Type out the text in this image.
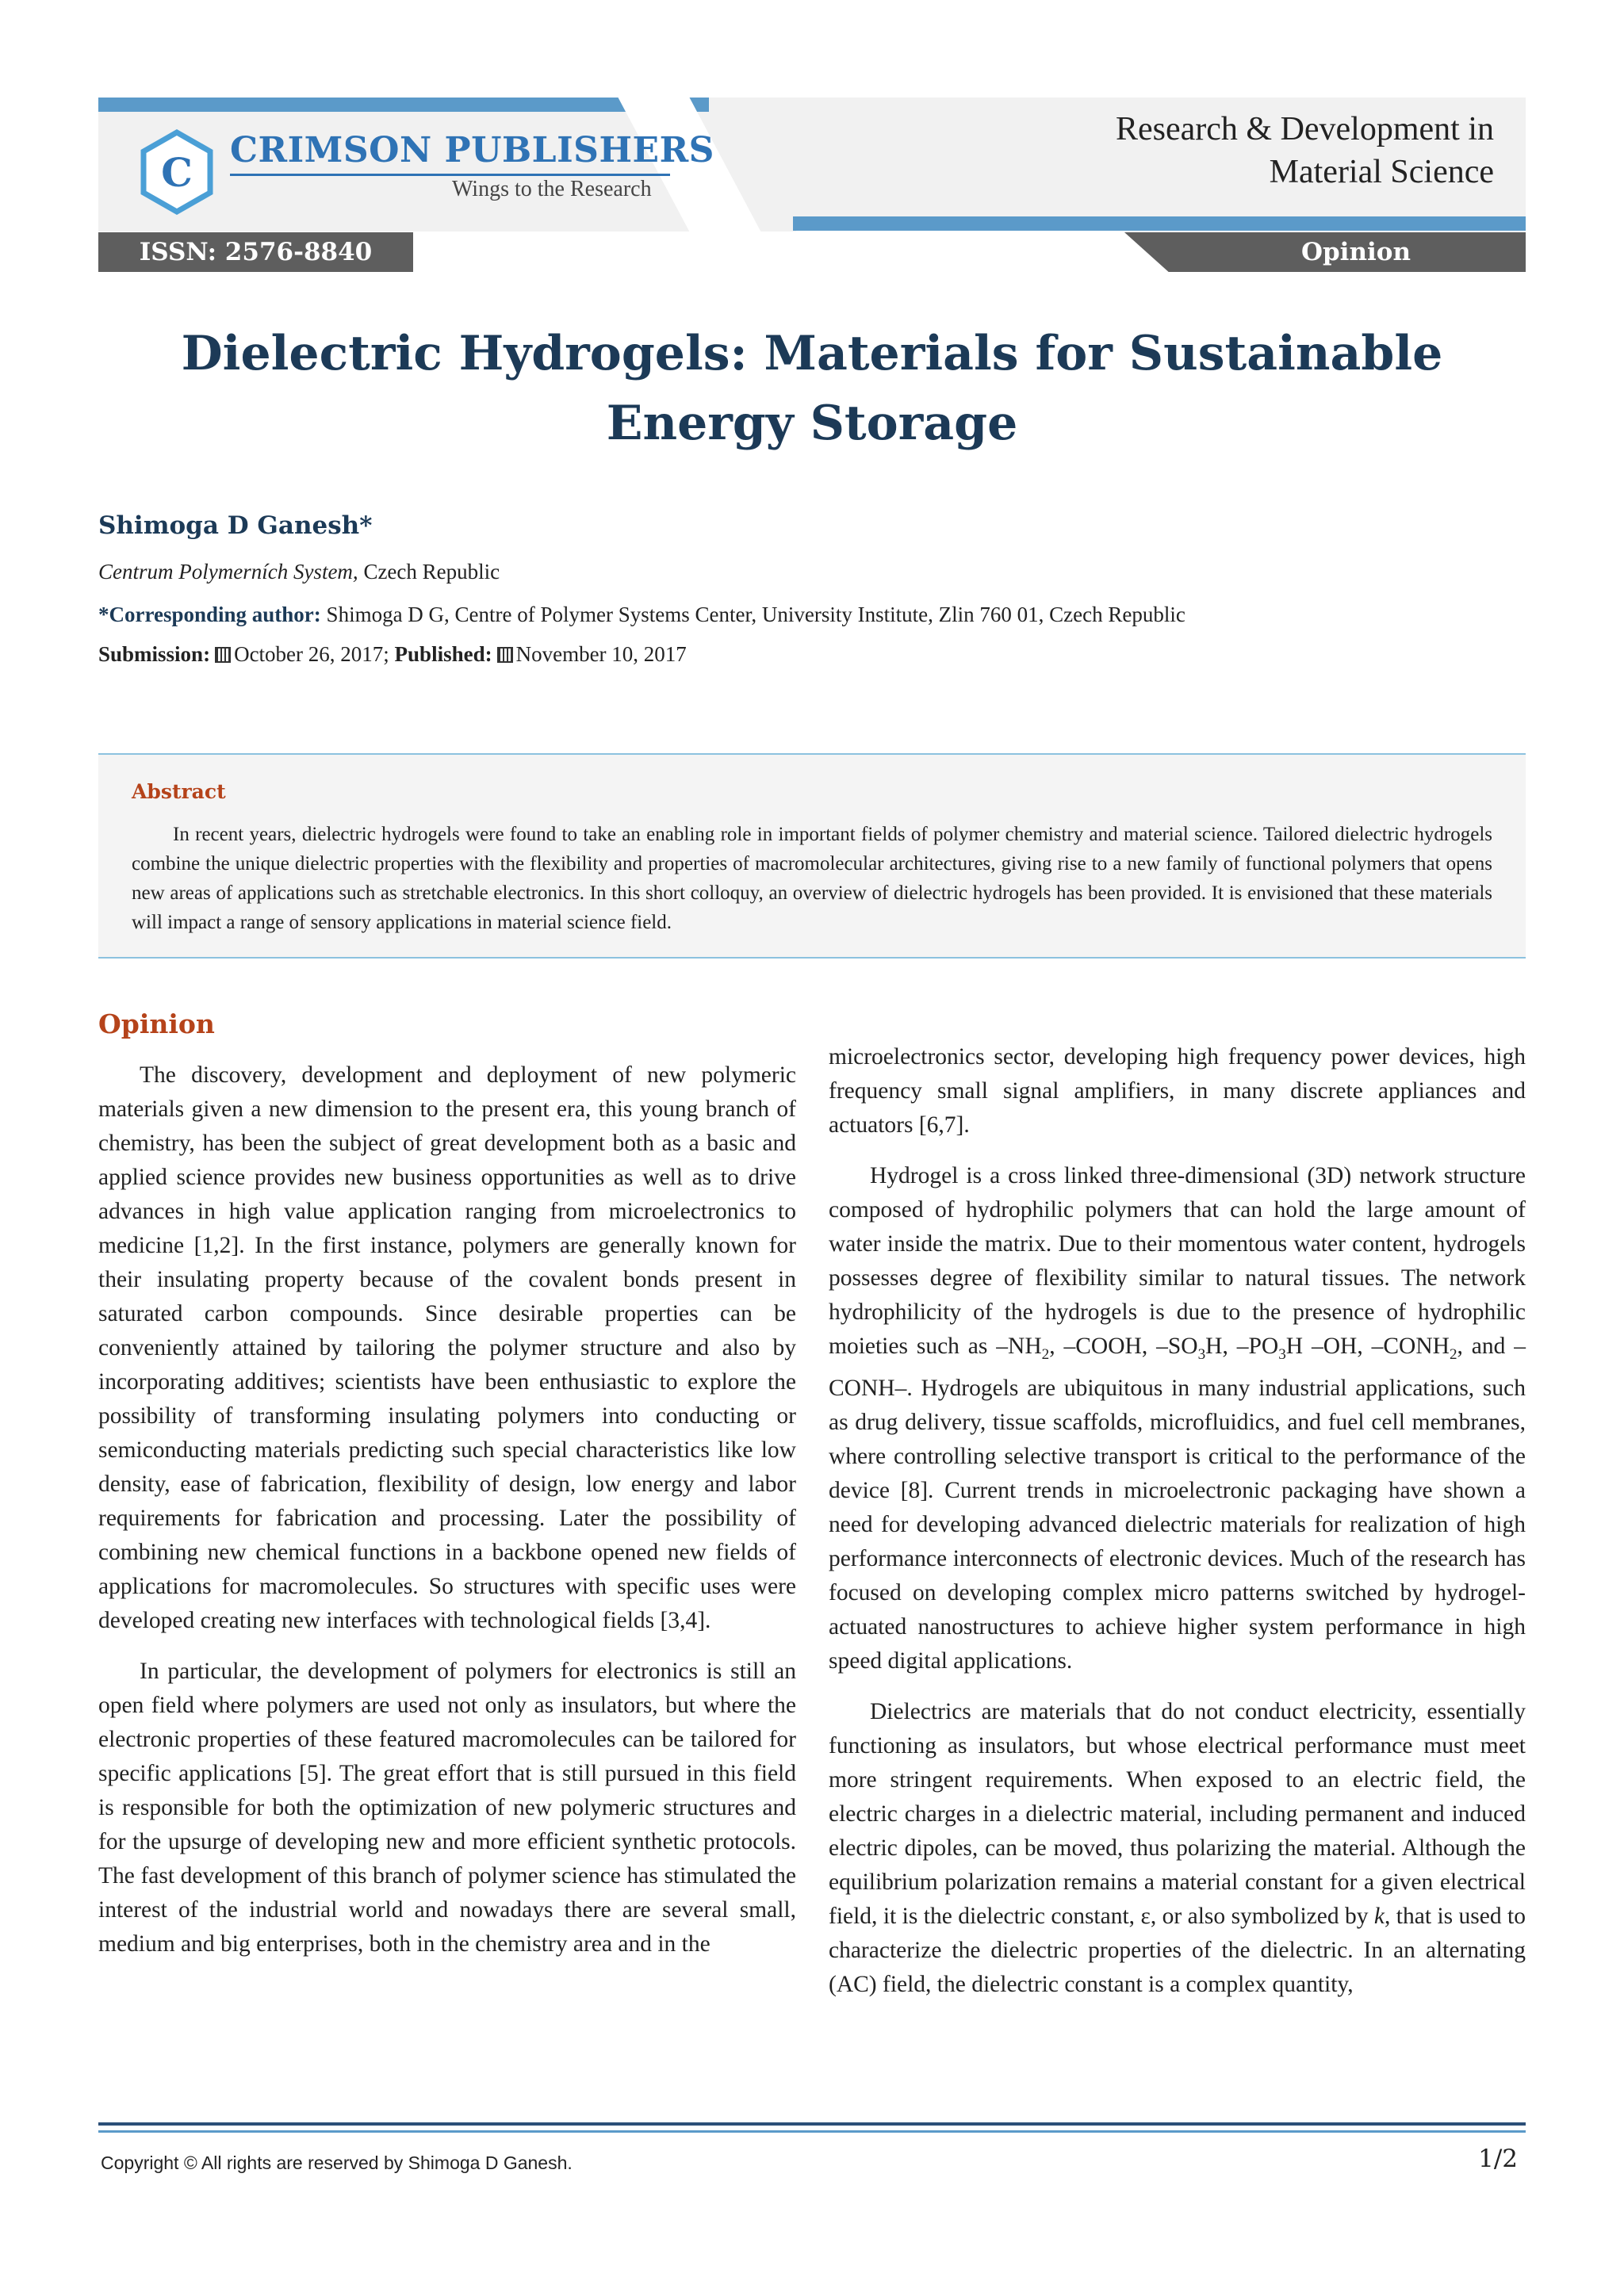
C CRIMSON PUBLISHERS
Wings to the Research
Research & Development in
Material Science
ISSN: 2576-8840	Opinion
Dielectric Hydrogels: Materials for Sustainable Energy Storage
Shimoga D Ganesh*
Centrum Polymerních System, Czech Republic
*Corresponding author: Shimoga D G, Centre of Polymer Systems Center, University Institute, Zlin 760 01, Czech Republic
Submission: October 26, 2017; Published: November 10, 2017
Abstract
In recent years, dielectric hydrogels were found to take an enabling role in important fields of polymer chemistry and material science. Tailored dielectric hydrogels combine the unique dielectric properties with the flexibility and properties of macromolecular architectures, giving rise to a new family of functional polymers that opens new areas of applications such as stretchable electronics. In this short colloquy, an overview of dielectric hydrogels has been provided. It is envisioned that these materials will impact a range of sensory applications in material science field.
Opinion

The discovery, development and deployment of new polymeric materials given a new dimension to the present era, this young branch of chemistry, has been the subject of great development both as a basic and applied science provides new business opportunities as well as to drive advances in high value application ranging from microelectronics to medicine [1,2]. In the first instance, polymers are generally known for their insulating property because of the covalent bonds present in saturated carbon compounds. Since desirable properties can be conveniently attained by tailoring the polymer structure and also by incorporating additives; scientists have been enthusiastic to explore the possibility of transforming insulating polymers into conducting or semiconducting materials predicting such special characteristics like low density, ease of fabrication, flexibility of design, low energy and labor requirements for fabrication and processing. Later the possibility of combining new chemical functions in a backbone opened new fields of applications for macromolecules. So structures with specific uses were developed creating new interfaces with technological fields [3,4].

In particular, the development of polymers for electronics is still an open field where polymers are used not only as insulators, but where the electronic properties of these featured macromolecules can be tailored for specific applications [5]. The great effort that is still pursued in this field is responsible for both the optimization of new polymeric structures and for the upsurge of developing new and more efficient synthetic protocols. The fast development of this branch of polymer science has stimulated the interest of the industrial world and nowadays there are several small, medium and big enterprises, both in the chemistry area and in the

microelectronics sector, developing high frequency power devices, high frequency small signal amplifiers, in many discrete appliances and actuators [6,7].

Hydrogel is a cross linked three-dimensional (3D) network structure composed of hydrophilic polymers that can hold the large amount of water inside the matrix. Due to their momentous water content, hydrogels possesses degree of flexibility similar to natural tissues. The network hydrophilicity of the hydrogels is due to the presence of hydrophilic moieties such as $-NH_2$, –COOH, $-SO_3H$, $-PO_3H$ –OH, $-CONH_2$, and –CONH–. Hydrogels are ubiquitous in many industrial applications, such as drug delivery, tissue scaffolds, microfluidics, and fuel cell membranes, where controlling selective transport is critical to the performance of the device [8]. Current trends in microelectronic packaging have shown a need for developing advanced dielectric materials for realization of high performance interconnects of electronic devices. Much of the research has focused on developing complex micro patterns switched by hydrogel-actuated nanostructures to achieve higher system performance in high speed digital applications.

Dielectrics are materials that do not conduct electricity, essentially functioning as insulators, but whose electrical performance must meet more stringent requirements. When exposed to an electric field, the electric charges in a dielectric material, including permanent and induced electric dipoles, can be moved, thus polarizing the material. Although the equilibrium polarization remains a material constant for a given electrical field, it is the dielectric constant, ε, or also symbolized by k, that is used to characterize the dielectric properties of the dielectric. In an alternating (AC) field, the dielectric constant is a complex quantity,

Copyright © All rights are reserved by Shimoga D Ganesh.	1/2
